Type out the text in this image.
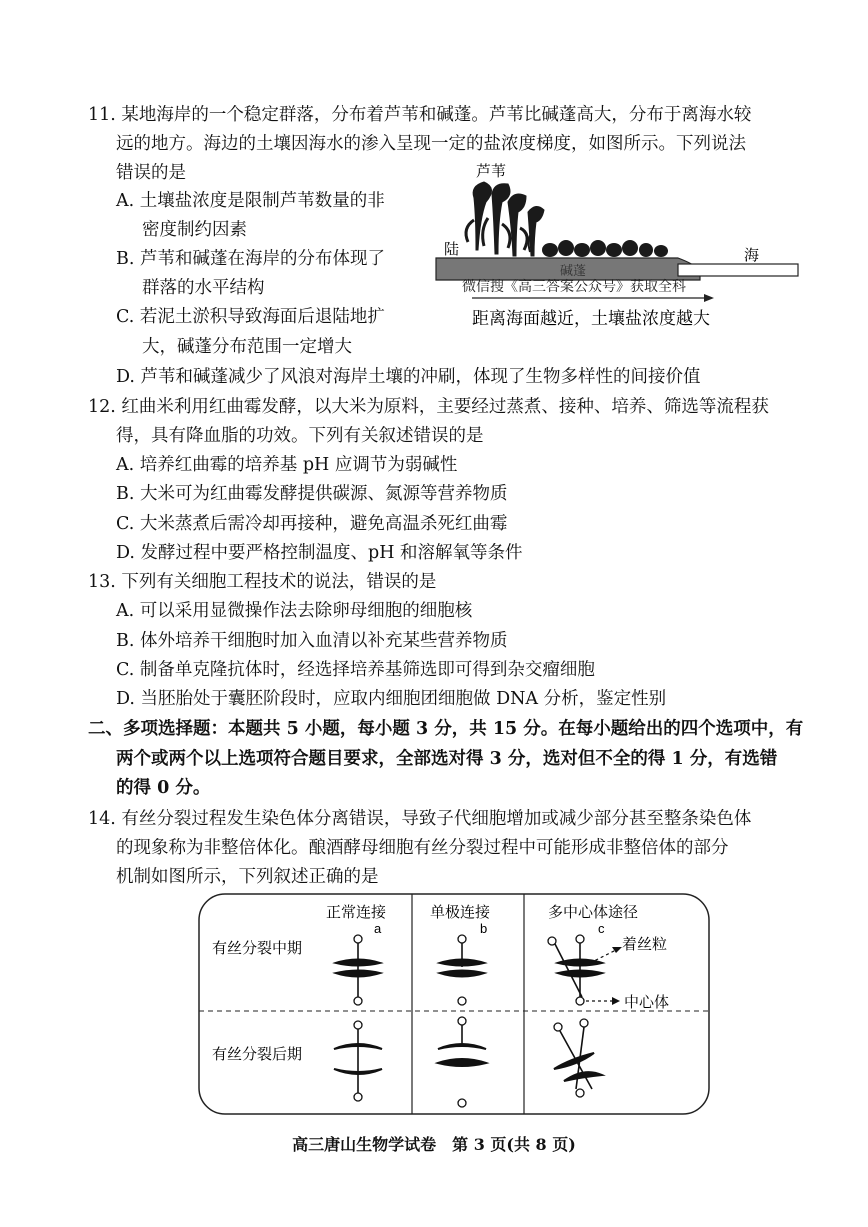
11. 某地海岸的一个稳定群落，分布着芦苇和碱蓬。芦苇比碱蓬高大，分布于离海水较
远的地方。海边的土壤因海水的渗入呈现一定的盐浓度梯度，如图所示。下列说法
错误的是
A. 土壤盐浓度是限制芦苇数量的非
密度制约因素
B. 芦苇和碱蓬在海岸的分布体现了
群落的水平结构
C. 若泥土淤积导致海面后退陆地扩
大，碱蓬分布范围一定增大
D. 芦苇和碱蓬减少了风浪对海岸土壤的冲刷，体现了生物多样性的间接价值
芦苇
陆	海
碱蓬
微信搜《高三答案公众号》获取全科
距离海面越近，土壤盐浓度越大
12. 红曲米利用红曲霉发酵，以大米为原料，主要经过蒸煮、接种、培养、筛选等流程获
得，具有降血脂的功效。下列有关叙述错误的是
A. 培养红曲霉的培养基 pH 应调节为弱碱性
B. 大米可为红曲霉发酵提供碳源、氮源等营养物质
C. 大米蒸煮后需冷却再接种，避免高温杀死红曲霉
D. 发酵过程中要严格控制温度、pH 和溶解氧等条件
13. 下列有关细胞工程技术的说法，错误的是
A. 可以采用显微操作法去除卵母细胞的细胞核
B. 体外培养干细胞时加入血清以补充某些营养物质
C. 制备单克隆抗体时，经选择培养基筛选即可得到杂交瘤细胞
D. 当胚胎处于囊胚阶段时，应取内细胞团细胞做 DNA 分析，鉴定性别
二、多项选择题：本题共 5 小题，每小题 3 分，共 15 分。在每小题给出的四个选项中，有
两个或两个以上选项符合题目要求，全部选对得 3 分，选对但不全的得 1 分，有选错
的得 0 分。
14. 有丝分裂过程发生染色体分离错误，导致子代细胞增加或减少部分甚至整条染色体
的现象称为非整倍体化。酿酒酵母细胞有丝分裂过程中可能形成非整倍体的部分
机制如图所示，下列叙述正确的是
正常连接	单极连接	多中心体途径
a	b	c
有丝分裂中期
有丝分裂后期
着丝粒
中心体
高三唐山生物学试卷　第 3 页(共 8 页)
